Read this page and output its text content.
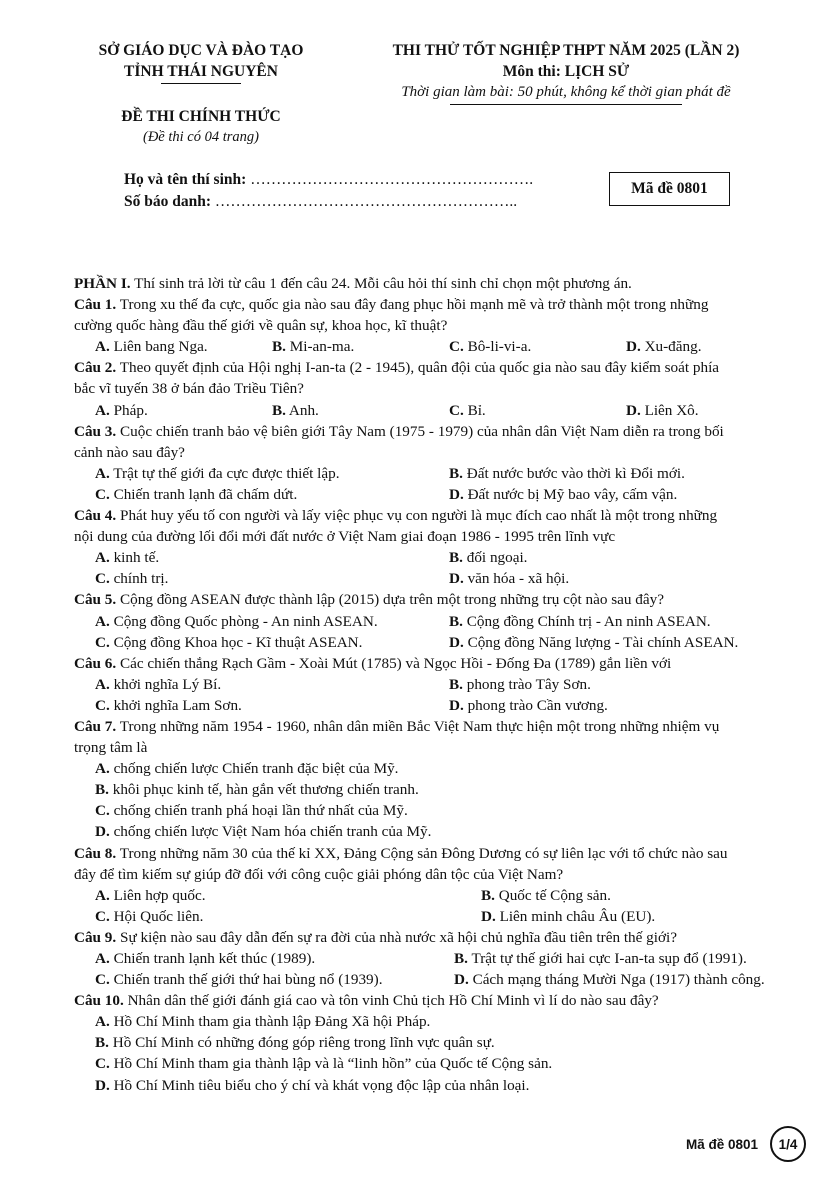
SỞ GIÁO DỤC VÀ ĐÀO TẠO
TỈNH THÁI NGUYÊN
THI THỬ TỐT NGHIỆP THPT NĂM 2025 (LẦN 2)
Môn thi: LỊCH SỬ
Thời gian làm bài: 50 phút, không kể thời gian phát đề
ĐỀ THI CHÍNH THỨC
(Đề thi có 04 trang)
Họ và tên thí sinh: ……………………………………………….
Số báo danh: …………………………………………………..
Mã đề 0801

PHẦN I. Thí sinh trả lời từ câu 1 đến câu 24. Mỗi câu hỏi thí sinh chỉ chọn một phương án.

Câu 1. Trong xu thế đa cực, quốc gia nào sau đây đang phục hồi mạnh mẽ và trở thành một trong những

cường quốc hàng đầu thế giới về quân sự, khoa học, kĩ thuật?

A. Liên bang Nga.	B. Mi-an-ma.	C. Bô-li-vi-a.	D. Xu-đăng.

Câu 2. Theo quyết định của Hội nghị I-an-ta (2 - 1945), quân đội của quốc gia nào sau đây kiểm soát phía

bắc vĩ tuyến 38 ở bán đảo Triều Tiên?

A. Pháp.	B. Anh.	C. Bỉ.	D. Liên Xô.

Câu 3. Cuộc chiến tranh bảo vệ biên giới Tây Nam (1975 - 1979) của nhân dân Việt Nam diễn ra trong bối

cảnh nào sau đây?

A. Trật tự thế giới đa cực được thiết lập.	B. Đất nước bước vào thời kì Đổi mới.
C. Chiến tranh lạnh đã chấm dứt.	D. Đất nước bị Mỹ bao vây, cấm vận.

Câu 4. Phát huy yếu tố con người và lấy việc phục vụ con người là mục đích cao nhất là một trong những

nội dung của đường lối đổi mới đất nước ở Việt Nam giai đoạn 1986 - 1995 trên lĩnh vực

A. kinh tế.	B. đối ngoại.
C. chính trị.	D. văn hóa - xã hội.

Câu 5. Cộng đồng ASEAN được thành lập (2015) dựa trên một trong những trụ cột nào sau đây?

A. Cộng đồng Quốc phòng - An ninh ASEAN.	B. Cộng đồng Chính trị - An ninh ASEAN.
C. Cộng đồng Khoa học - Kĩ thuật ASEAN.	D. Cộng đồng Năng lượng - Tài chính ASEAN.

Câu 6. Các chiến thắng Rạch Gầm - Xoài Mút (1785) và Ngọc Hồi - Đống Đa (1789) gắn liền với

A. khởi nghĩa Lý Bí.	B. phong trào Tây Sơn.
C. khởi nghĩa Lam Sơn.	D. phong trào Cần vương.

Câu 7. Trong những năm 1954 - 1960, nhân dân miền Bắc Việt Nam thực hiện một trong những nhiệm vụ

trọng tâm là

A. chống chiến lược Chiến tranh đặc biệt của Mỹ.
B. khôi phục kinh tế, hàn gắn vết thương chiến tranh.
C. chống chiến tranh phá hoại lần thứ nhất của Mỹ.
D. chống chiến lược Việt Nam hóa chiến tranh của Mỹ.

Câu 8. Trong những năm 30 của thế kỉ XX, Đảng Cộng sản Đông Dương có sự liên lạc với tổ chức nào sau

đây để tìm kiếm sự giúp đỡ đối với công cuộc giải phóng dân tộc của Việt Nam?

A. Liên hợp quốc.	B. Quốc tế Cộng sản.
C. Hội Quốc liên.	D. Liên minh châu Âu (EU).

Câu 9. Sự kiện nào sau đây dẫn đến sự ra đời của nhà nước xã hội chủ nghĩa đầu tiên trên thế giới?

A. Chiến tranh lạnh kết thúc (1989).	B. Trật tự thế giới hai cực I-an-ta sụp đổ (1991).
C. Chiến tranh thế giới thứ hai bùng nổ (1939).	D. Cách mạng tháng Mười Nga (1917) thành công.

Câu 10. Nhân dân thế giới đánh giá cao và tôn vinh Chủ tịch Hồ Chí Minh vì lí do nào sau đây?

A. Hồ Chí Minh tham gia thành lập Đảng Xã hội Pháp.
B. Hồ Chí Minh có những đóng góp riêng trong lĩnh vực quân sự.
C. Hồ Chí Minh tham gia thành lập và là “linh hồn” của Quốc tế Cộng sản.
D. Hồ Chí Minh tiêu biểu cho ý chí và khát vọng độc lập của nhân loại.
Mã đề 0801	1/4
